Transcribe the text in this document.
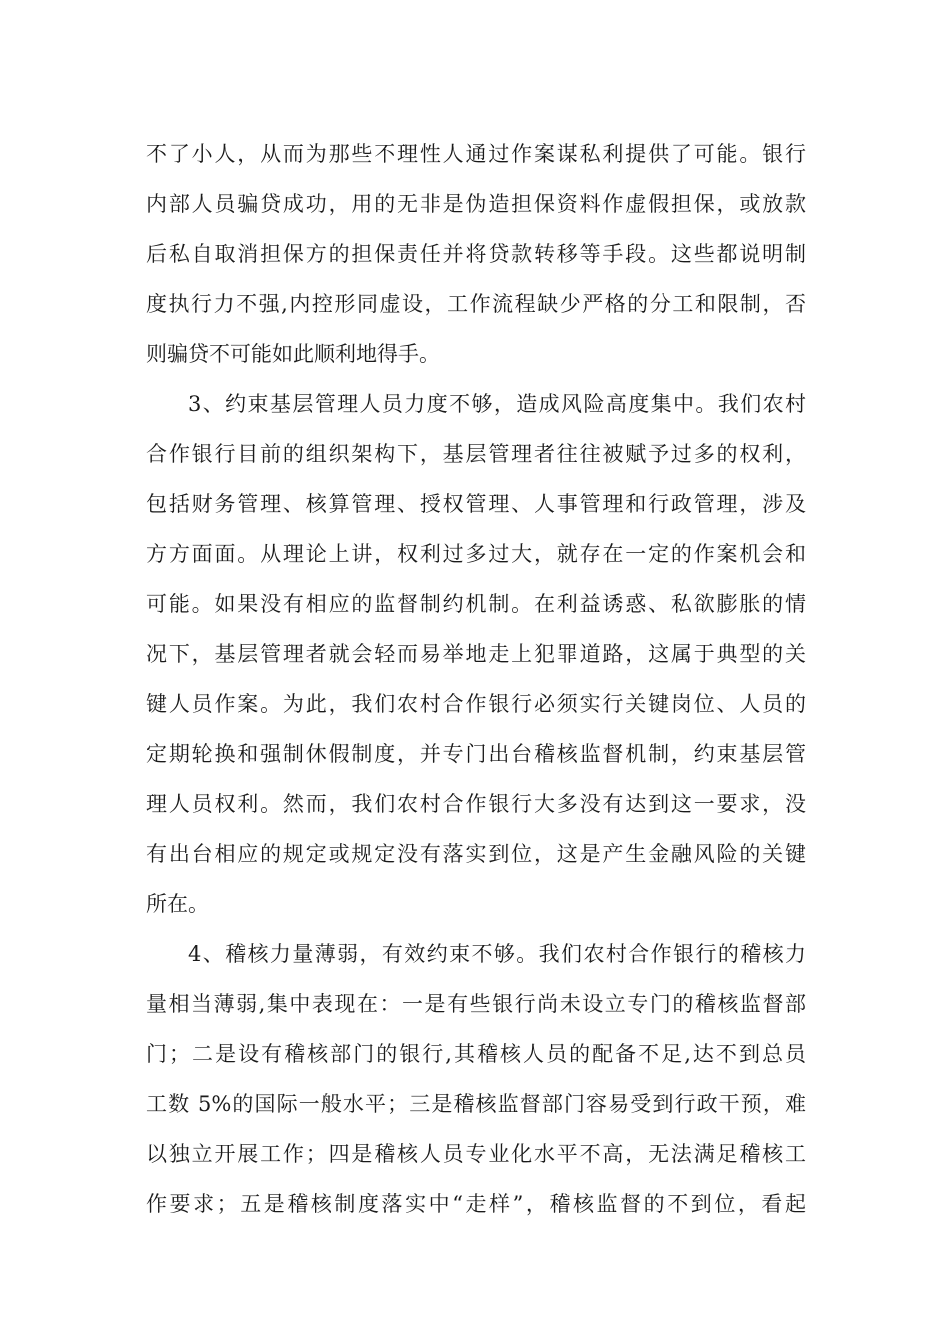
不了小人，从而为那些不理性人通过作案谋私利提供了可能。银行
内部人员骗贷成功，用的无非是伪造担保资料作虚假担保，或放款
后私自取消担保方的担保责任并将贷款转移等手段。这些都说明制
度执行力不强,内控形同虚设，工作流程缺少严格的分工和限制，否
则骗贷不可能如此顺利地得手。
3、约束基层管理人员力度不够，造成风险高度集中。我们农村
合作银行目前的组织架构下，基层管理者往往被赋予过多的权利，
包括财务管理、核算管理、授权管理、人事管理和行政管理，涉及
方方面面。从理论上讲，权利过多过大，就存在一定的作案机会和
可能。如果没有相应的监督制约机制。在利益诱惑、私欲膨胀的情
况下，基层管理者就会轻而易举地走上犯罪道路，这属于典型的关
键人员作案。为此，我们农村合作银行必须实行关键岗位、人员的
定期轮换和强制休假制度，并专门出台稽核监督机制，约束基层管
理人员权利。然而，我们农村合作银行大多没有达到这一要求，没
有出台相应的规定或规定没有落实到位，这是产生金融风险的关键
所在。
4、稽核力量薄弱，有效约束不够。我们农村合作银行的稽核力
量相当薄弱,集中表现在：一是有些银行尚未设立专门的稽核监督部
门；二是设有稽核部门的银行,其稽核人员的配备不足,达不到总员
工数 5%的国际一般水平；三是稽核监督部门容易受到行政干预，难
以独立开展工作；四是稽核人员专业化水平不高，无法满足稽核工
作要求；五是稽核制度落实中“走样”，稽核监督的不到位，看起
